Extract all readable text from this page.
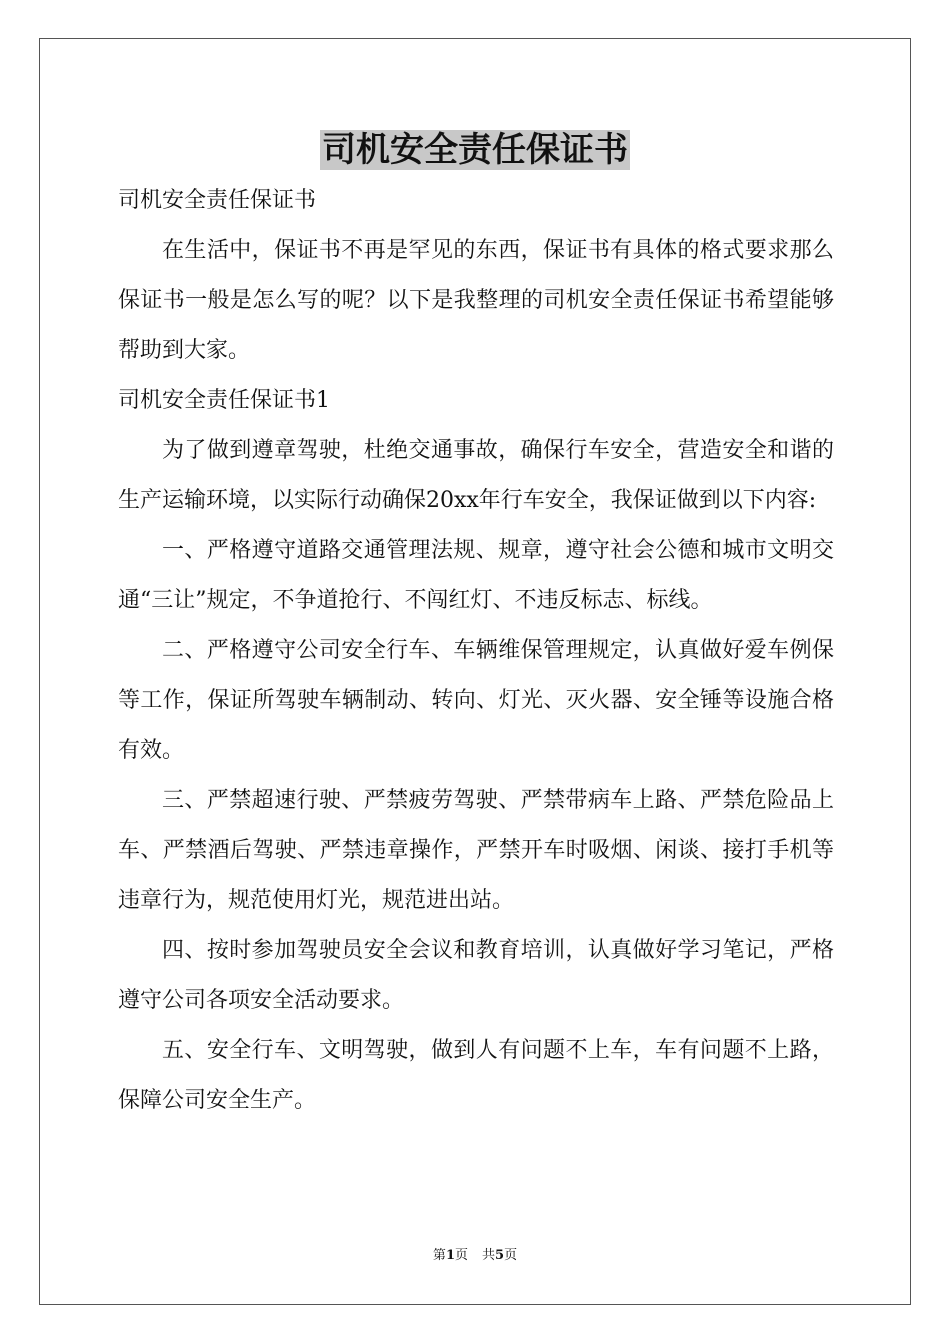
司机安全责任保证书
司机安全责任保证书

在生活中，保证书不再是罕见的东西，保证书有具体的格式要求那么保证书一般是怎么写的呢？以下是我整理的司机安全责任保证书希望能够帮助到大家。

司机安全责任保证书1

为了做到遵章驾驶，杜绝交通事故，确保行车安全，营造安全和谐的生产运输环境，以实际行动确保20xx年行车安全，我保证做到以下内容:

一、严格遵守道路交通管理法规、规章，遵守社会公德和城市文明交通“三让”规定，不争道抢行、不闯红灯、不违反标志、标线。

二、严格遵守公司安全行车、车辆维保管理规定，认真做好爱车例保等工作，保证所驾驶车辆制动、转向、灯光、灭火器、安全锤等设施合格有效。

三、严禁超速行驶、严禁疲劳驾驶、严禁带病车上路、严禁危险品上车、严禁酒后驾驶、严禁违章操作，严禁开车时吸烟、闲谈、接打手机等违章行为，规范使用灯光，规范进出站。

四、按时参加驾驶员安全会议和教育培训，认真做好学习笔记，严格遵守公司各项安全活动要求。

五、安全行车、文明驾驶，做到人有问题不上车，车有问题不上路，保障公司安全生产。

第1页 共5页
